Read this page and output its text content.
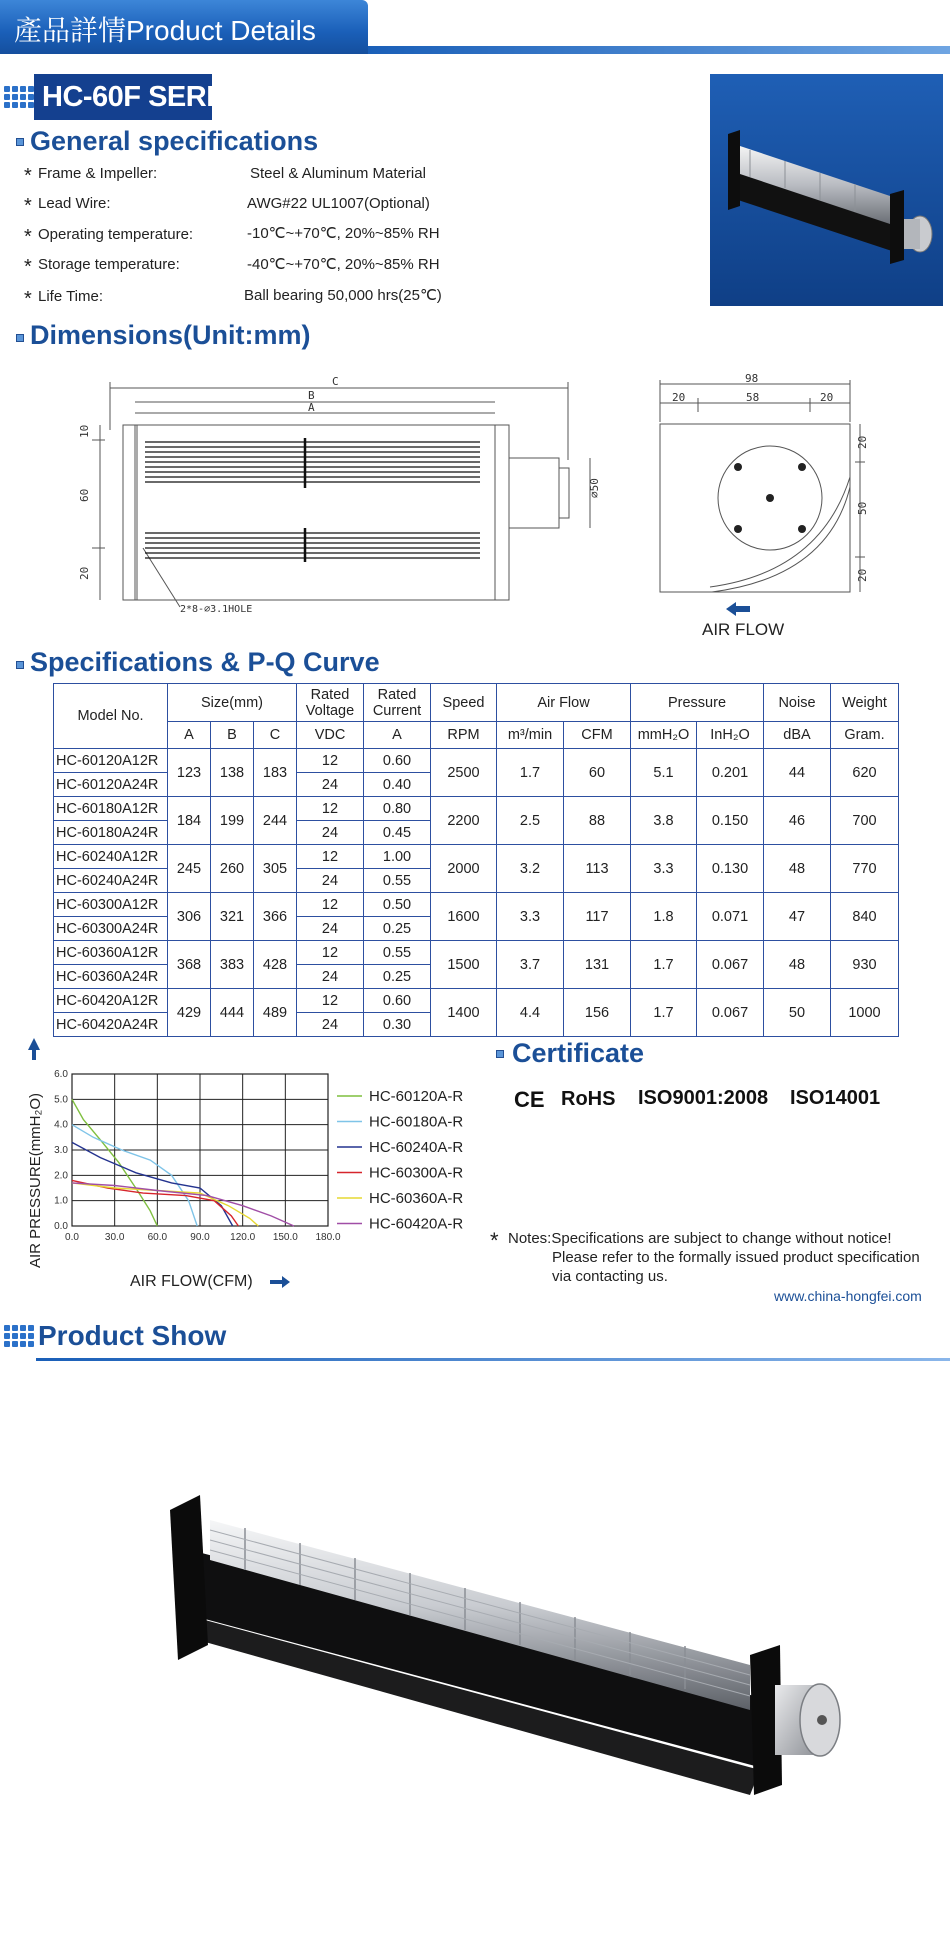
產品詳情Product Details
HC-60F SERIES
General specifications
* Frame & Impeller:	Steel & Aluminum Material
* Lead Wire:	AWG#22 UL1007(Optional)
* Operating temperature:	-10℃~+70℃, 20%~85% RH
* Storage temperature:	-40℃~+70℃, 20%~85% RH
* Life Time:	Ball bearing 50,000 hrs(25℃)
Dimensions(Unit:mm)
C
B
A
10
60
20
⌀50
2*8-⌀3.1HOLE
98
20	58	20
20
50
20
AIR FLOW
Specifications & P-Q Curve
Model No.	Size(mm)			Rated Voltage	Rated Current	Speed	Air Flow		Pressure		Noise	Weight
	A	B	C	VDC	A	RPM	m³/min	CFM	mmH₂O	InH₂O	dBA	Gram.
HC-60120A12R	123	138	183	12	0.60	2500	1.7	60	5.1	0.201	44	620
HC-60120A24R				24	0.40							
HC-60180A12R	184	199	244	12	0.80	2200	2.5	88	3.8	0.150	46	700
HC-60180A24R				24	0.45							
HC-60240A12R	245	260	305	12	1.00	2000	3.2	113	3.3	0.130	48	770
HC-60240A24R				24	0.55							
HC-60300A12R	306	321	366	12	0.50	1600	3.3	117	1.8	0.071	47	840
HC-60300A24R				24	0.25							
HC-60360A12R	368	383	428	12	0.55	1500	3.7	131	1.7	0.067	48	930
HC-60360A24R				24	0.25							
HC-60420A12R	429	444	489	12	0.60	1400	4.4	156	1.7	0.067	50	1000
HC-60420A24R				24	0.30							
0.0	30.0 60.0 90.0 120.0 150.0 180.0
0.0
1.0
2.0
3.0
4.0
5.0
6.0
HC-60120A-R
HC-60180A-R
HC-60240A-R
HC-60300A-R
HC-60360A-R
HC-60420A-R
AIR PRESSURE(mmH₂O)
AIR FLOW(CFM)
Certificate
CE RoHS ISO9001:2008 ISO14001
* Notes:Specifications are subject to change without notice!
Please refer to the formally issued product specification
via contacting us.
www.china-hongfei.com
Product Show
